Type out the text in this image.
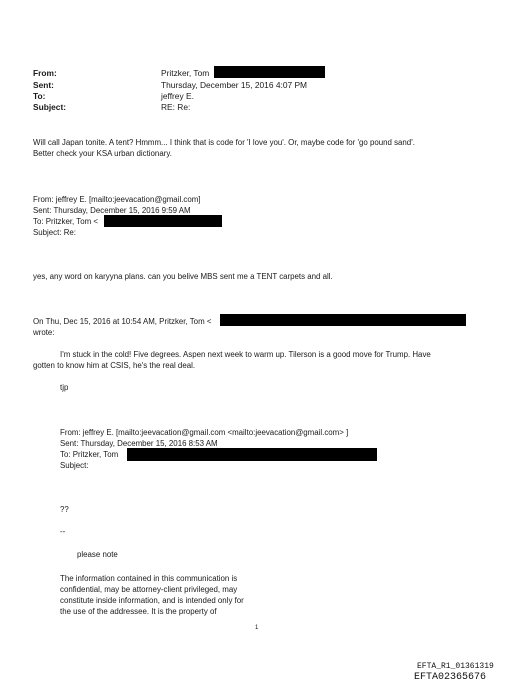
From:	Pritzker, Tom
Sent:	Thursday, December 15, 2016 4:07 PM
To:	jeffrey E.
Subject:	RE: Re:
Will call Japan tonite. A tent? Hmmm... I think that is code for 'I love you'. Or, maybe code for 'go pound sand'.
Better check your KSA urban dictionary.
From: jeffrey E. [mailto:jeevacation@gmail.com]
Sent: Thursday, December 15, 2016 9:59 AM
To: Pritzker, Tom <
Subject: Re:
yes, any word on karyyna plans. can you belive MBS sent me a TENT carpets and all.
On Thu, Dec 15, 2016 at 10:54 AM, Pritzker, Tom <
wrote:
I'm stuck in the cold! Five degrees. Aspen next week to warm up. Tilerson is a good move for Trump. Have
gotten to know him at CSIS, he's the real deal.
tjp
From: jeffrey E. [mailto:jeevacation@gmail.com <mailto:jeevacation@gmail.com> ]
Sent: Thursday, December 15, 2016 8:53 AM
To: Pritzker, Tom
Subject:
??
--
please note
The information contained in this communication is
confidential, may be attorney-client privileged, may
constitute inside information, and is intended only for
the use of the addressee. It is the property of
1
EFTA_R1_01361319
EFTA02365676
